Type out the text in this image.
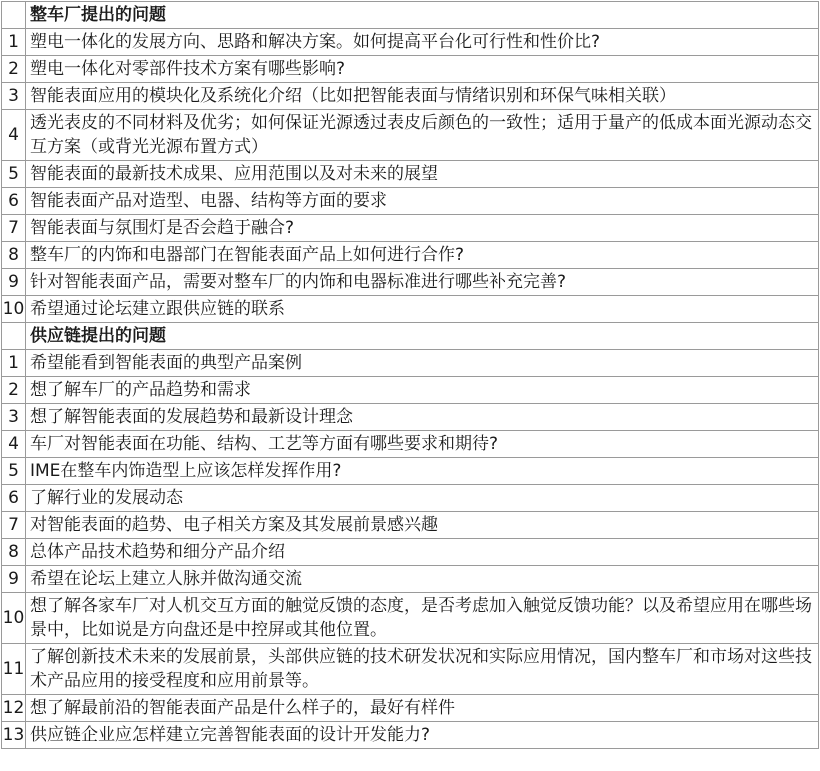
	整车厂提出的问题
1	塑电一体化的发展方向、思路和解决方案。如何提高平台化可行性和性价比?
2	塑电一体化对零部件技术方案有哪些影响?
3	智能表面应用的模块化及系统化介绍（比如把智能表面与情绪识别和环保气味相关联）
4	透光表皮的不同材料及优劣；如何保证光源透过表皮后颜色的一致性；适用于量产的低成本面光源动态交互方案（或背光光源布置方式）
5	智能表面的最新技术成果、应用范围以及对未来的展望
6	智能表面产品对造型、电器、结构等方面的要求
7	智能表面与氛围灯是否会趋于融合?
8	整车厂的内饰和电器部门在智能表面产品上如何进行合作?
9	针对智能表面产品，需要对整车厂的内饰和电器标准进行哪些补充完善?
10	希望通过论坛建立跟供应链的联系
	供应链提出的问题
1	希望能看到智能表面的典型产品案例
2	想了解车厂的产品趋势和需求
3	想了解智能表面的发展趋势和最新设计理念
4	车厂对智能表面在功能、结构、工艺等方面有哪些要求和期待?
5	IME在整车内饰造型上应该怎样发挥作用?
6	了解行业的发展动态
7	对智能表面的趋势、电子相关方案及其发展前景感兴趣
8	总体产品技术趋势和细分产品介绍
9	希望在论坛上建立人脉并做沟通交流
10	想了解各家车厂对人机交互方面的触觉反馈的态度，是否考虑加入触觉反馈功能？以及希望应用在哪些场景中，比如说是方向盘还是中控屏或其他位置。
11	了解创新技术未来的发展前景，头部供应链的技术研发状况和实际应用情况，国内整车厂和市场对这些技术产品应用的接受程度和应用前景等。
12	想了解最前沿的智能表面产品是什么样子的，最好有样件
13	供应链企业应怎样建立完善智能表面的设计开发能力?
